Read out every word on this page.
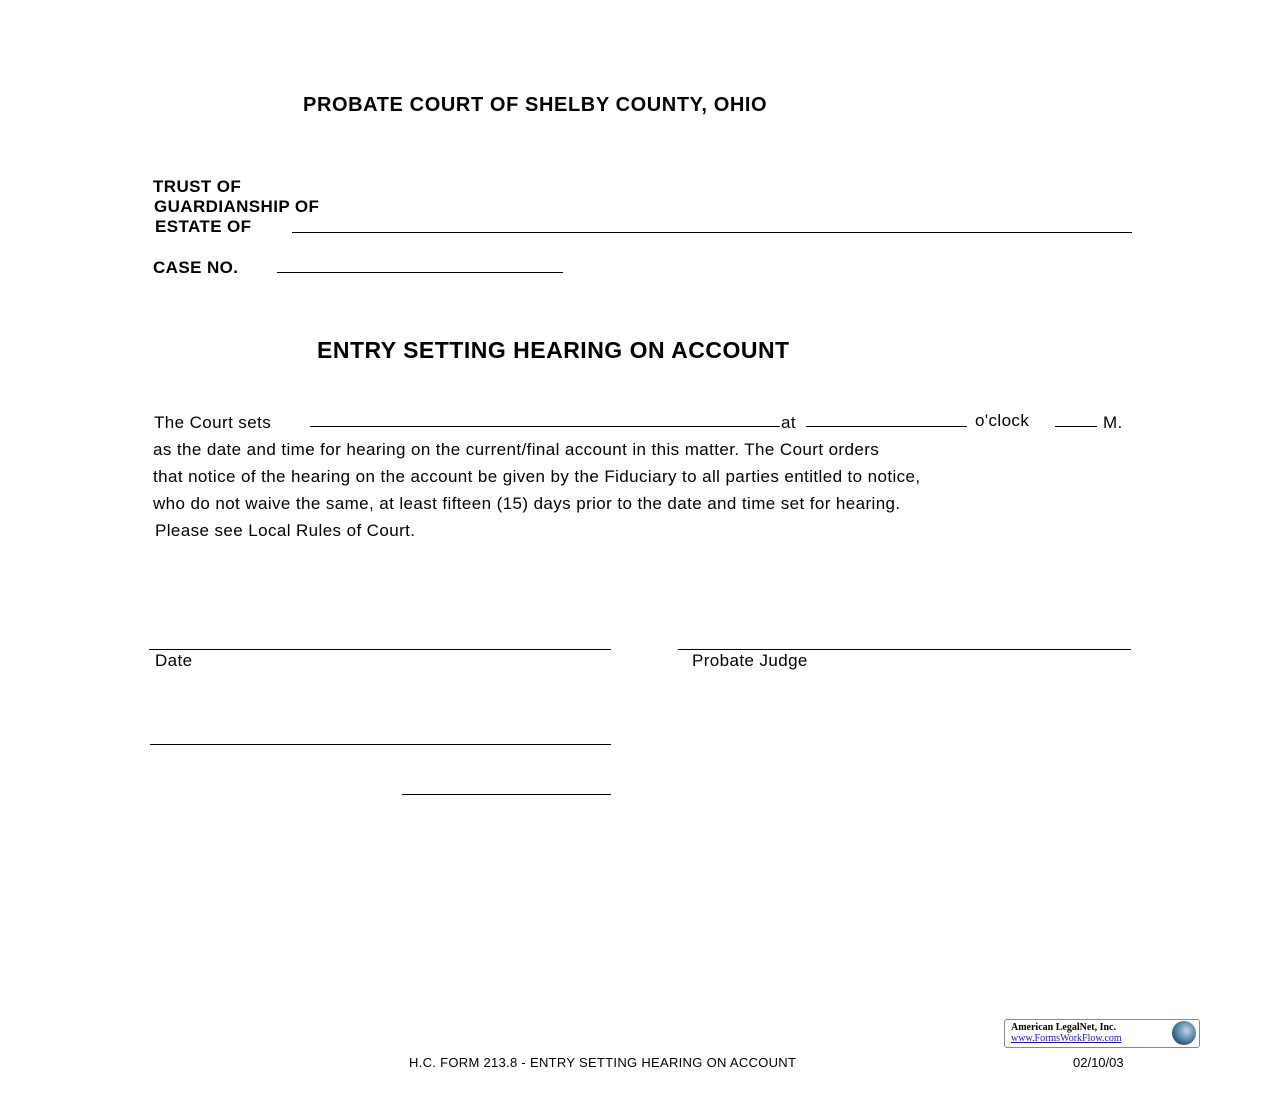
PROBATE COURT OF SHELBY COUNTY, OHIO
TRUST OF
GUARDIANSHIP OF
ESTATE OF
CASE NO.
ENTRY SETTING HEARING ON ACCOUNT
The Court sets	at	o'clock	M.
as the date and time for hearing on the current/final account in this matter. The Court orders
that notice of the hearing on the account be given by the Fiduciary to all parties entitled to notice,
who do not waive the same, at least fifteen (15) days prior to the date and time set for hearing.
Please see Local Rules of Court.
Date	Probate Judge
American LegalNet, Inc.
www.FormsWorkFlow.com
H.C. FORM 213.8 - ENTRY SETTING HEARING ON ACCOUNT	02/10/03
